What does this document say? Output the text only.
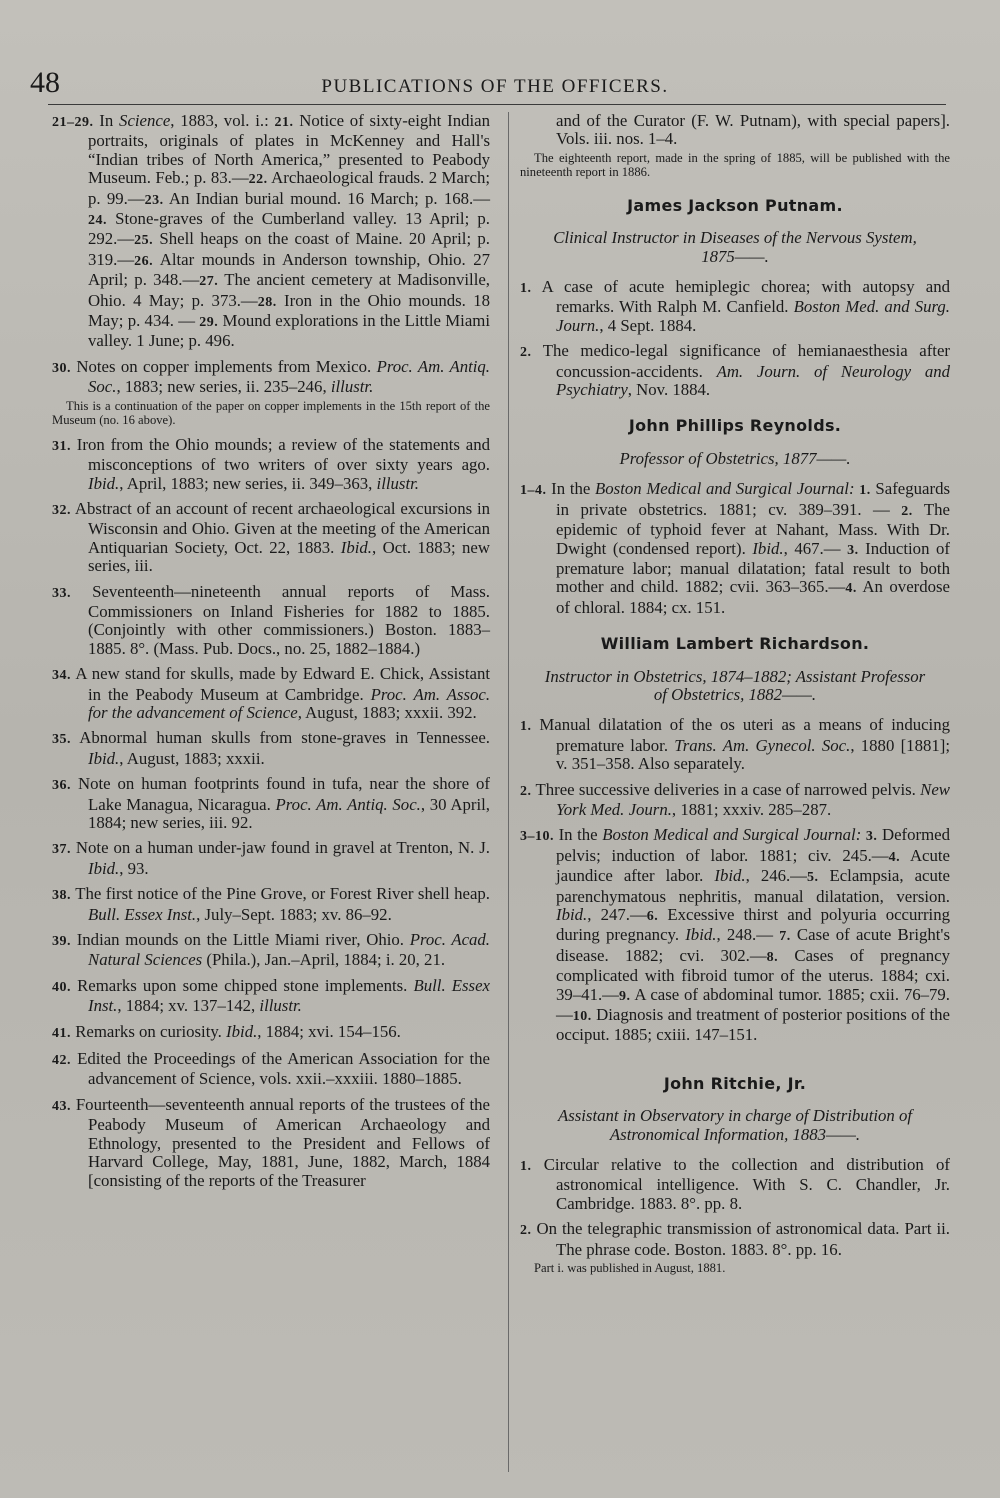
48	PUBLICATIONS OF THE OFFICERS.

21–29. In Science, 1883, vol. i.: 21. Notice of sixty-eight Indian portraits, originals of plates in McKenney and Hall's “Indian tribes of North America,” presented to Peabody Museum. Feb.; p. 83.—22. Archaeological frauds. 2 March; p. 99.—23. An Indian burial mound. 16 March; p. 168.—24. Stone-graves of the Cumberland valley. 13 April; p. 292.—25. Shell heaps on the coast of Maine. 20 April; p. 319.—26. Altar mounds in Anderson township, Ohio. 27 April; p. 348.—27. The ancient cemetery at Madisonville, Ohio. 4 May; p. 373.—28. Iron in the Ohio mounds. 18 May; p. 434. — 29. Mound explorations in the Little Miami valley. 1 June; p. 496.

30. Notes on copper implements from Mexico. Proc. Am. Antiq. Soc., 1883; new series, ii. 235–246, illustr.

This is a continuation of the paper on copper implements in the 15th report of the Museum (no. 16 above).

31. Iron from the Ohio mounds; a review of the statements and misconceptions of two writers of over sixty years ago. Ibid., April, 1883; new series, ii. 349–363, illustr.

32. Abstract of an account of recent archaeological excursions in Wisconsin and Ohio. Given at the meeting of the American Antiquarian Society, Oct. 22, 1883. Ibid., Oct. 1883; new series, iii.

33. Seventeenth—nineteenth annual reports of Mass. Commissioners on Inland Fisheries for 1882 to 1885. (Conjointly with other commissioners.) Boston. 1883–1885. 8°. (Mass. Pub. Docs., no. 25, 1882–1884.)

34. A new stand for skulls, made by Edward E. Chick, Assistant in the Peabody Museum at Cambridge. Proc. Am. Assoc. for the advancement of Science, August, 1883; xxxii. 392.

35. Abnormal human skulls from stone-graves in Tennessee. Ibid., August, 1883; xxxii.

36. Note on human footprints found in tufa, near the shore of Lake Managua, Nicaragua. Proc. Am. Antiq. Soc., 30 April, 1884; new series, iii. 92.

37. Note on a human under-jaw found in gravel at Trenton, N. J. Ibid., 93.

38. The first notice of the Pine Grove, or Forest River shell heap. Bull. Essex Inst., July–Sept. 1883; xv. 86–92.

39. Indian mounds on the Little Miami river, Ohio. Proc. Acad. Natural Sciences (Phila.), Jan.–April, 1884; i. 20, 21.

40. Remarks upon some chipped stone implements. Bull. Essex Inst., 1884; xv. 137–142, illustr.

41. Remarks on curiosity. Ibid., 1884; xvi. 154–156.

42. Edited the Proceedings of the American Association for the advancement of Science, vols. xxii.–xxxiii. 1880–1885.

43. Fourteenth—seventeenth annual reports of the trustees of the Peabody Museum of American Archaeology and Ethnology, presented to the President and Fellows of Harvard College, May, 1881, June, 1882, March, 1884 [consisting of the reports of the Treasurer

and of the Curator (F. W. Putnam), with special papers]. Vols. iii. nos. 1–4.

The eighteenth report, made in the spring of 1885, will be published with the nineteenth report in 1886.

James Jackson Putnam.

Clinical Instructor in Diseases of the Nervous System, 1875——.

1. A case of acute hemiplegic chorea; with autopsy and remarks. With Ralph M. Canfield. Boston Med. and Surg. Journ., 4 Sept. 1884.

2. The medico-legal significance of hemianaesthesia after concussion-accidents. Am. Journ. of Neurology and Psychiatry, Nov. 1884.

John Phillips Reynolds.

Professor of Obstetrics, 1877——.

1–4. In the Boston Medical and Surgical Journal: 1. Safeguards in private obstetrics. 1881; cv. 389–391. — 2. The epidemic of typhoid fever at Nahant, Mass. With Dr. Dwight (condensed report). Ibid., 467.— 3. Induction of premature labor; manual dilatation; fatal result to both mother and child. 1882; cvii. 363–365.—4. An overdose of chloral. 1884; cx. 151.

William Lambert Richardson.

Instructor in Obstetrics, 1874–1882; Assistant Professor of Obstetrics, 1882——.

1. Manual dilatation of the os uteri as a means of inducing premature labor. Trans. Am. Gynecol. Soc., 1880 [1881]; v. 351–358. Also separately.

2. Three successive deliveries in a case of narrowed pelvis. New York Med. Journ., 1881; xxxiv. 285–287.

3–10. In the Boston Medical and Surgical Journal: 3. Deformed pelvis; induction of labor. 1881; civ. 245.—4. Acute jaundice after labor. Ibid., 246.—5. Eclampsia, acute parenchymatous nephritis, manual dilatation, version. Ibid., 247.—6. Excessive thirst and polyuria occurring during pregnancy. Ibid., 248.— 7. Case of acute Bright's disease. 1882; cvi. 302.—8. Cases of pregnancy complicated with fibroid tumor of the uterus. 1884; cxi. 39–41.—9. A case of abdominal tumor. 1885; cxii. 76–79.—10. Diagnosis and treatment of posterior positions of the occiput. 1885; cxiii. 147–151.

John Ritchie, Jr.

Assistant in Observatory in charge of Distribution of Astronomical Information, 1883——.

1. Circular relative to the collection and distribution of astronomical intelligence. With S. C. Chandler, Jr. Cambridge. 1883. 8°. pp. 8.

2. On the telegraphic transmission of astronomical data. Part ii. The phrase code. Boston. 1883. 8°. pp. 16.

Part i. was published in August, 1881.
